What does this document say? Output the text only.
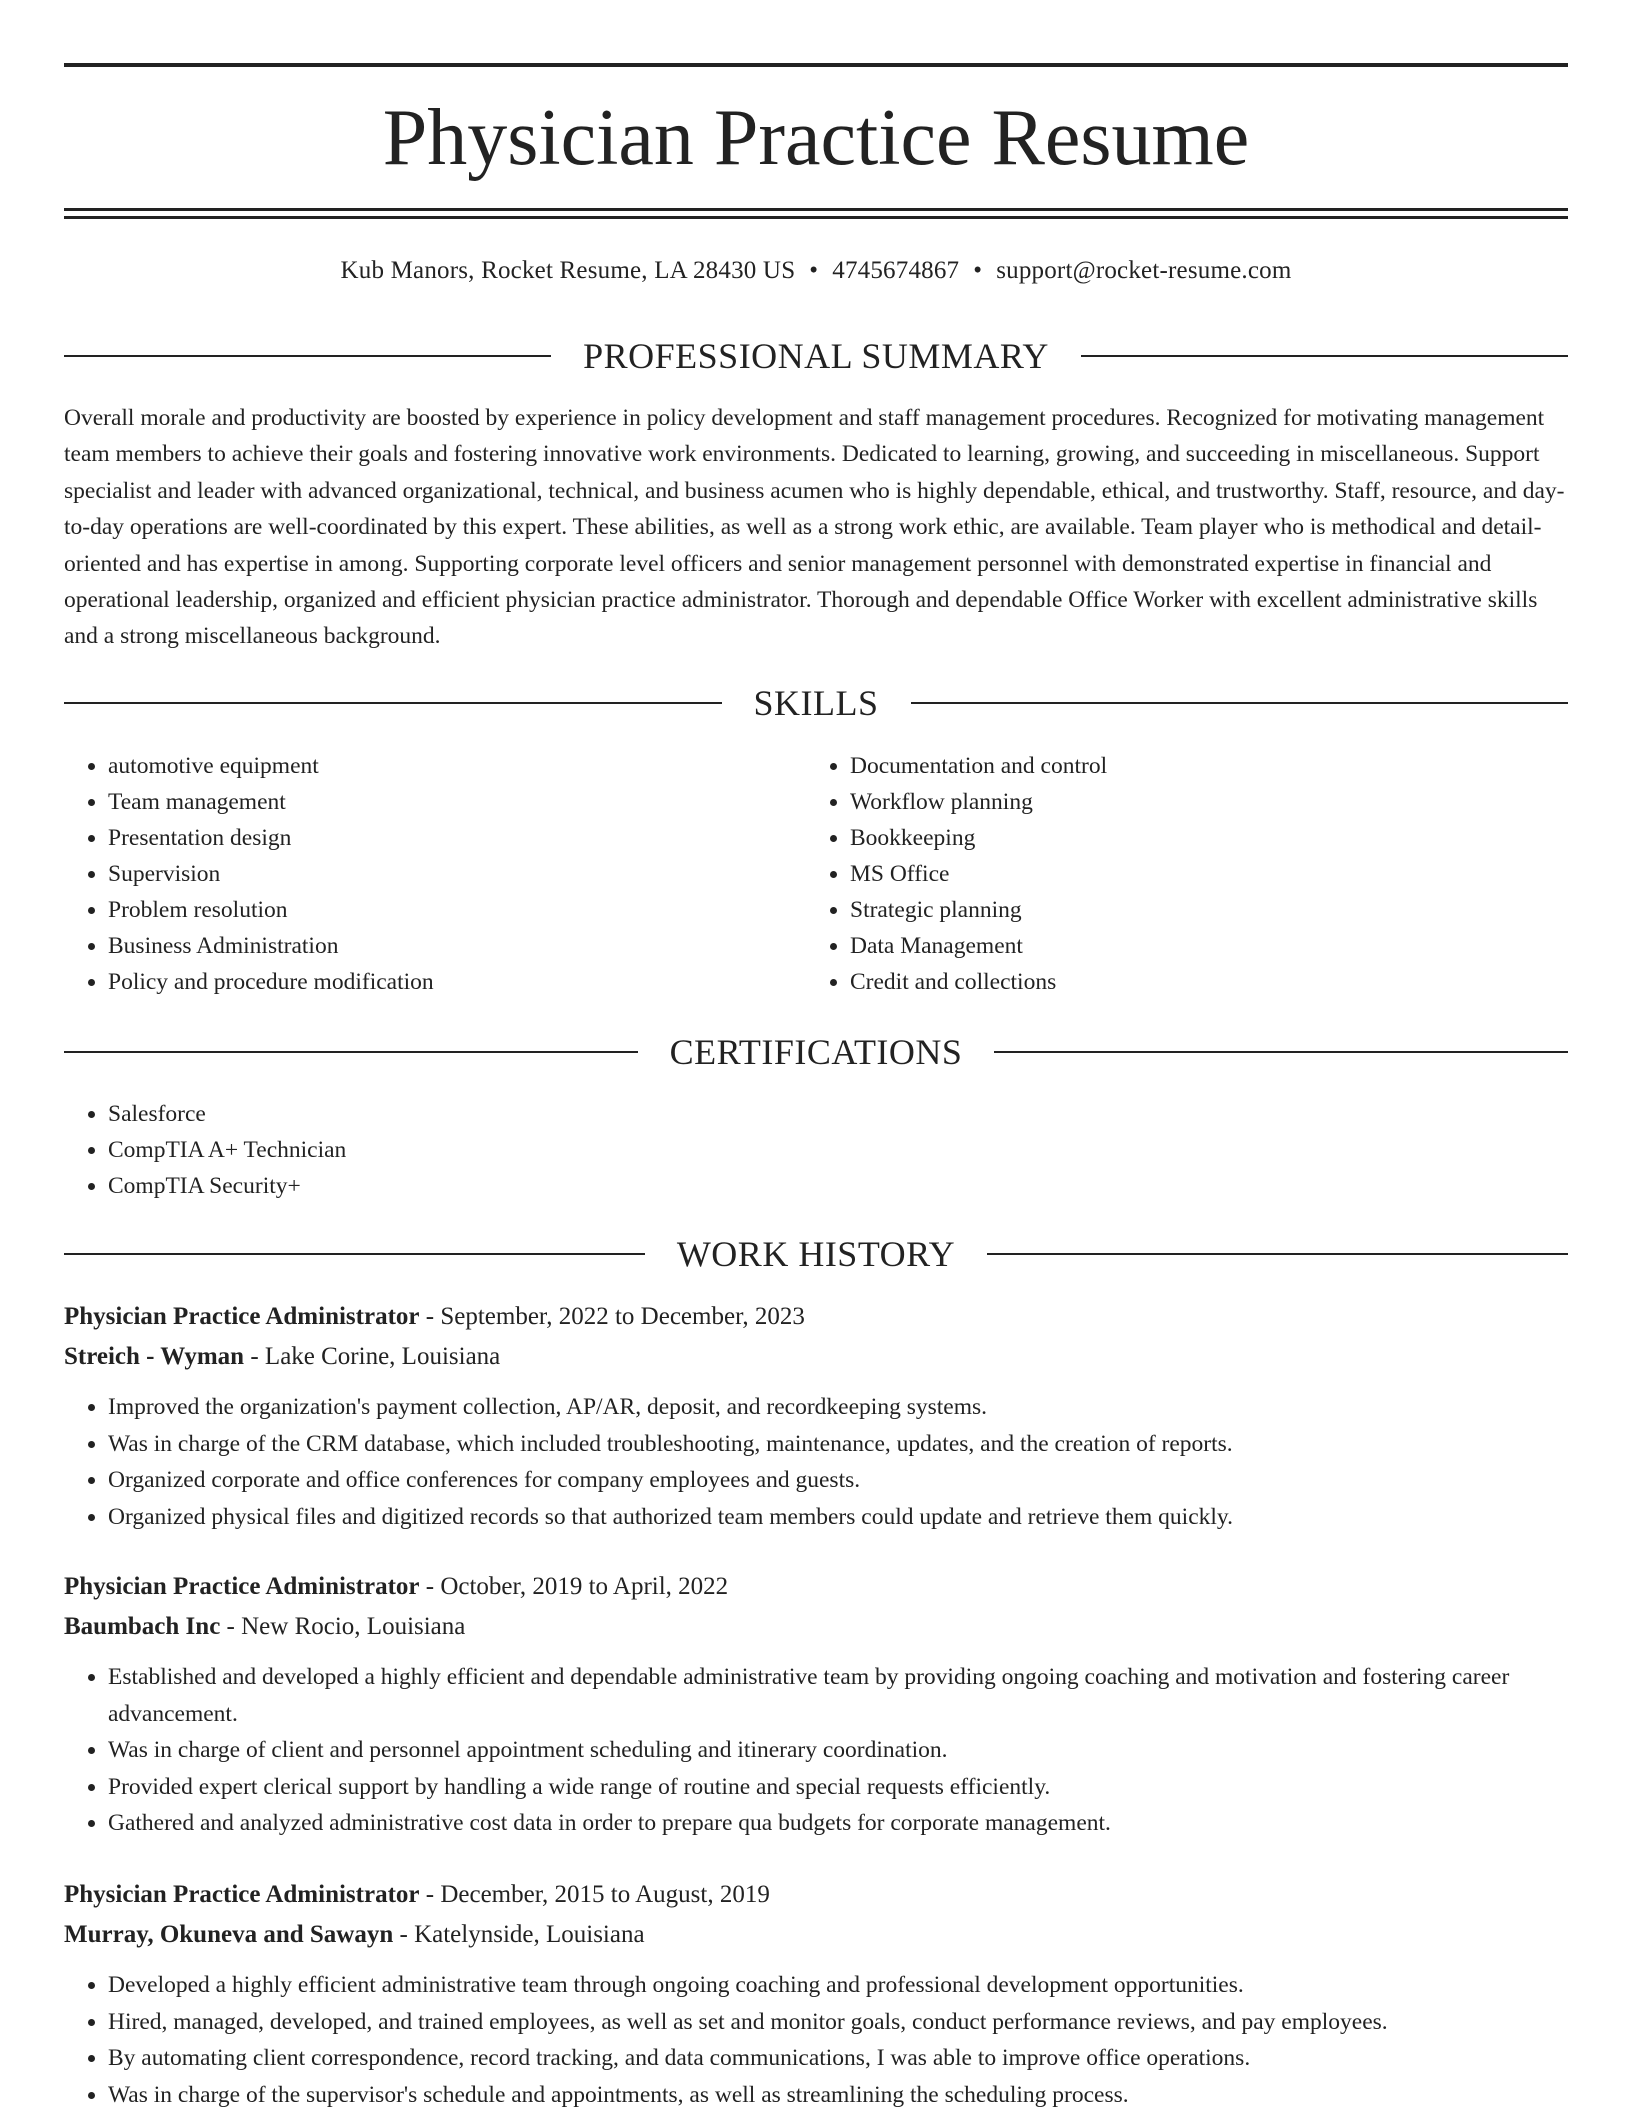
Physician Practice Resume
Kub Manors, Rocket Resume, LA 28430 US • 4745674867 • support@rocket-resume.com
PROFESSIONAL SUMMARY

Overall morale and productivity are boosted by experience in policy development and staff management procedures. Recognized for motivating management team members to achieve their goals and fostering innovative work environments. Dedicated to learning, growing, and succeeding in miscellaneous. Support specialist and leader with advanced organizational, technical, and business acumen who is highly dependable, ethical, and trustworthy. Staff, resource, and day-to-day operations are well-coordinated by this expert. These abilities, as well as a strong work ethic, are available. Team player who is methodical and detail-oriented and has expertise in among. Supporting corporate level officers and senior management personnel with demonstrated expertise in financial and operational leadership, organized and efficient physician practice administrator. Thorough and dependable Office Worker with excellent administrative skills and a strong miscellaneous background.

SKILLS
• automotive equipment
• Team management
• Presentation design
• Supervision
• Problem resolution
• Business Administration
• Policy and procedure modification
• Documentation and control
• Workflow planning
• Bookkeeping
• MS Office
• Strategic planning
• Data Management
• Credit and collections
CERTIFICATIONS
• Salesforce
• CompTIA A+ Technician
• CompTIA Security+
WORK HISTORY
Physician Practice Administrator - September, 2022 to December, 2023
Streich - Wyman - Lake Corine, Louisiana
• Improved the organization's payment collection, AP/AR, deposit, and recordkeeping systems.
• Was in charge of the CRM database, which included troubleshooting, maintenance, updates, and the creation of reports.
• Organized corporate and office conferences for company employees and guests.
• Organized physical files and digitized records so that authorized team members could update and retrieve them quickly.
Physician Practice Administrator - October, 2019 to April, 2022
Baumbach Inc - New Rocio, Louisiana
• Established and developed a highly efficient and dependable administrative team by providing ongoing coaching and motivation and fostering career advancement.
• Was in charge of client and personnel appointment scheduling and itinerary coordination.
• Provided expert clerical support by handling a wide range of routine and special requests efficiently.
• Gathered and analyzed administrative cost data in order to prepare qua budgets for corporate management.
Physician Practice Administrator - December, 2015 to August, 2019
Murray, Okuneva and Sawayn - Katelynside, Louisiana
• Developed a highly efficient administrative team through ongoing coaching and professional development opportunities.
• Hired, managed, developed, and trained employees, as well as set and monitor goals, conduct performance reviews, and pay employees.
• By automating client correspondence, record tracking, and data communications, I was able to improve office operations.
• Was in charge of the supervisor's schedule and appointments, as well as streamlining the scheduling process.
